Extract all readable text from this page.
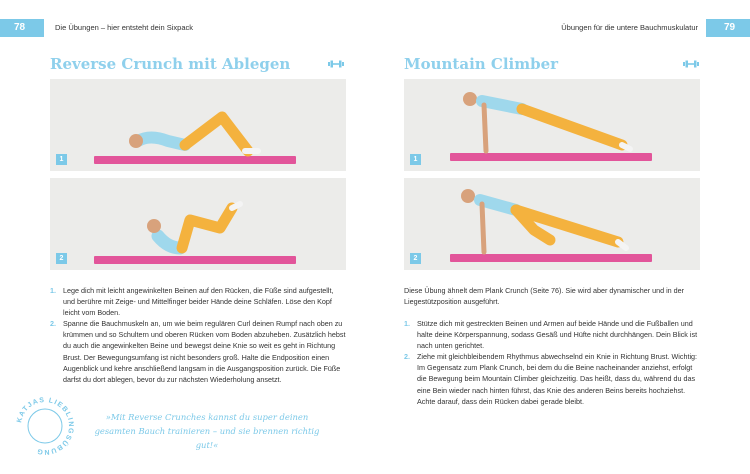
78	Die Übungen – hier entsteht dein Sixpack	Übungen für die untere Bauchmuskulatur	79
Reverse Crunch mit Ablegen	Mountain Climber
1
2
1
2
1. Lege dich mit leicht angewinkelten Beinen auf den Rücken, die Füße sind aufgestellt, und berühre mit Zeige- und Mittelfinger beider Hände deine Schläfen. Löse den Kopf leicht vom Boden.
2. Spanne die Bauchmuskeln an, um wie beim regulären Curl deinen Rumpf nach oben zu krümmen und so Schultern und oberen Rücken vom Boden abzuheben. Zusätzlich hebst du auch die angewinkelten Beine und bewegst deine Knie so weit es geht in Richtung Brust. Der Bewegungsumfang ist nicht besonders groß. Halte die Endposition einen Augenblick und kehre anschließend langsam in die Ausgangsposition zurück. Die Füße darfst du dort ablegen, bevor du zur nächsten Wiederholung ansetzt.
KATJAS LIEBLINGSÜBUNG

»Mit Reverse Crunches kannst du super deinen gesamten Bauch trainieren – und sie brennen richtig gut!«

Diese Übung ähnelt dem Plank Crunch (Seite 76). Sie wird aber dynamischer und in der Liegestützposition ausgeführt.

1. Stütze dich mit gestreckten Beinen und Armen auf beide Hände und die Fußballen und halte deine Körperspannung, sodass Gesäß und Hüfte nicht durchhängen. Dein Blick ist nach unten gerichtet.
2. Ziehe mit gleichbleibendem Rhythmus abwechselnd ein Knie in Richtung Brust. Wichtig: Im Gegensatz zum Plank Crunch, bei dem du die Beine nacheinander anziehst, erfolgt die Bewegung beim Mountain Climber gleichzeitig. Das heißt, dass du, während du das eine Bein wieder nach hinten führst, das Knie des anderen Beins bereits hochziehst. Achte darauf, dass dein Rücken dabei gerade bleibt.
